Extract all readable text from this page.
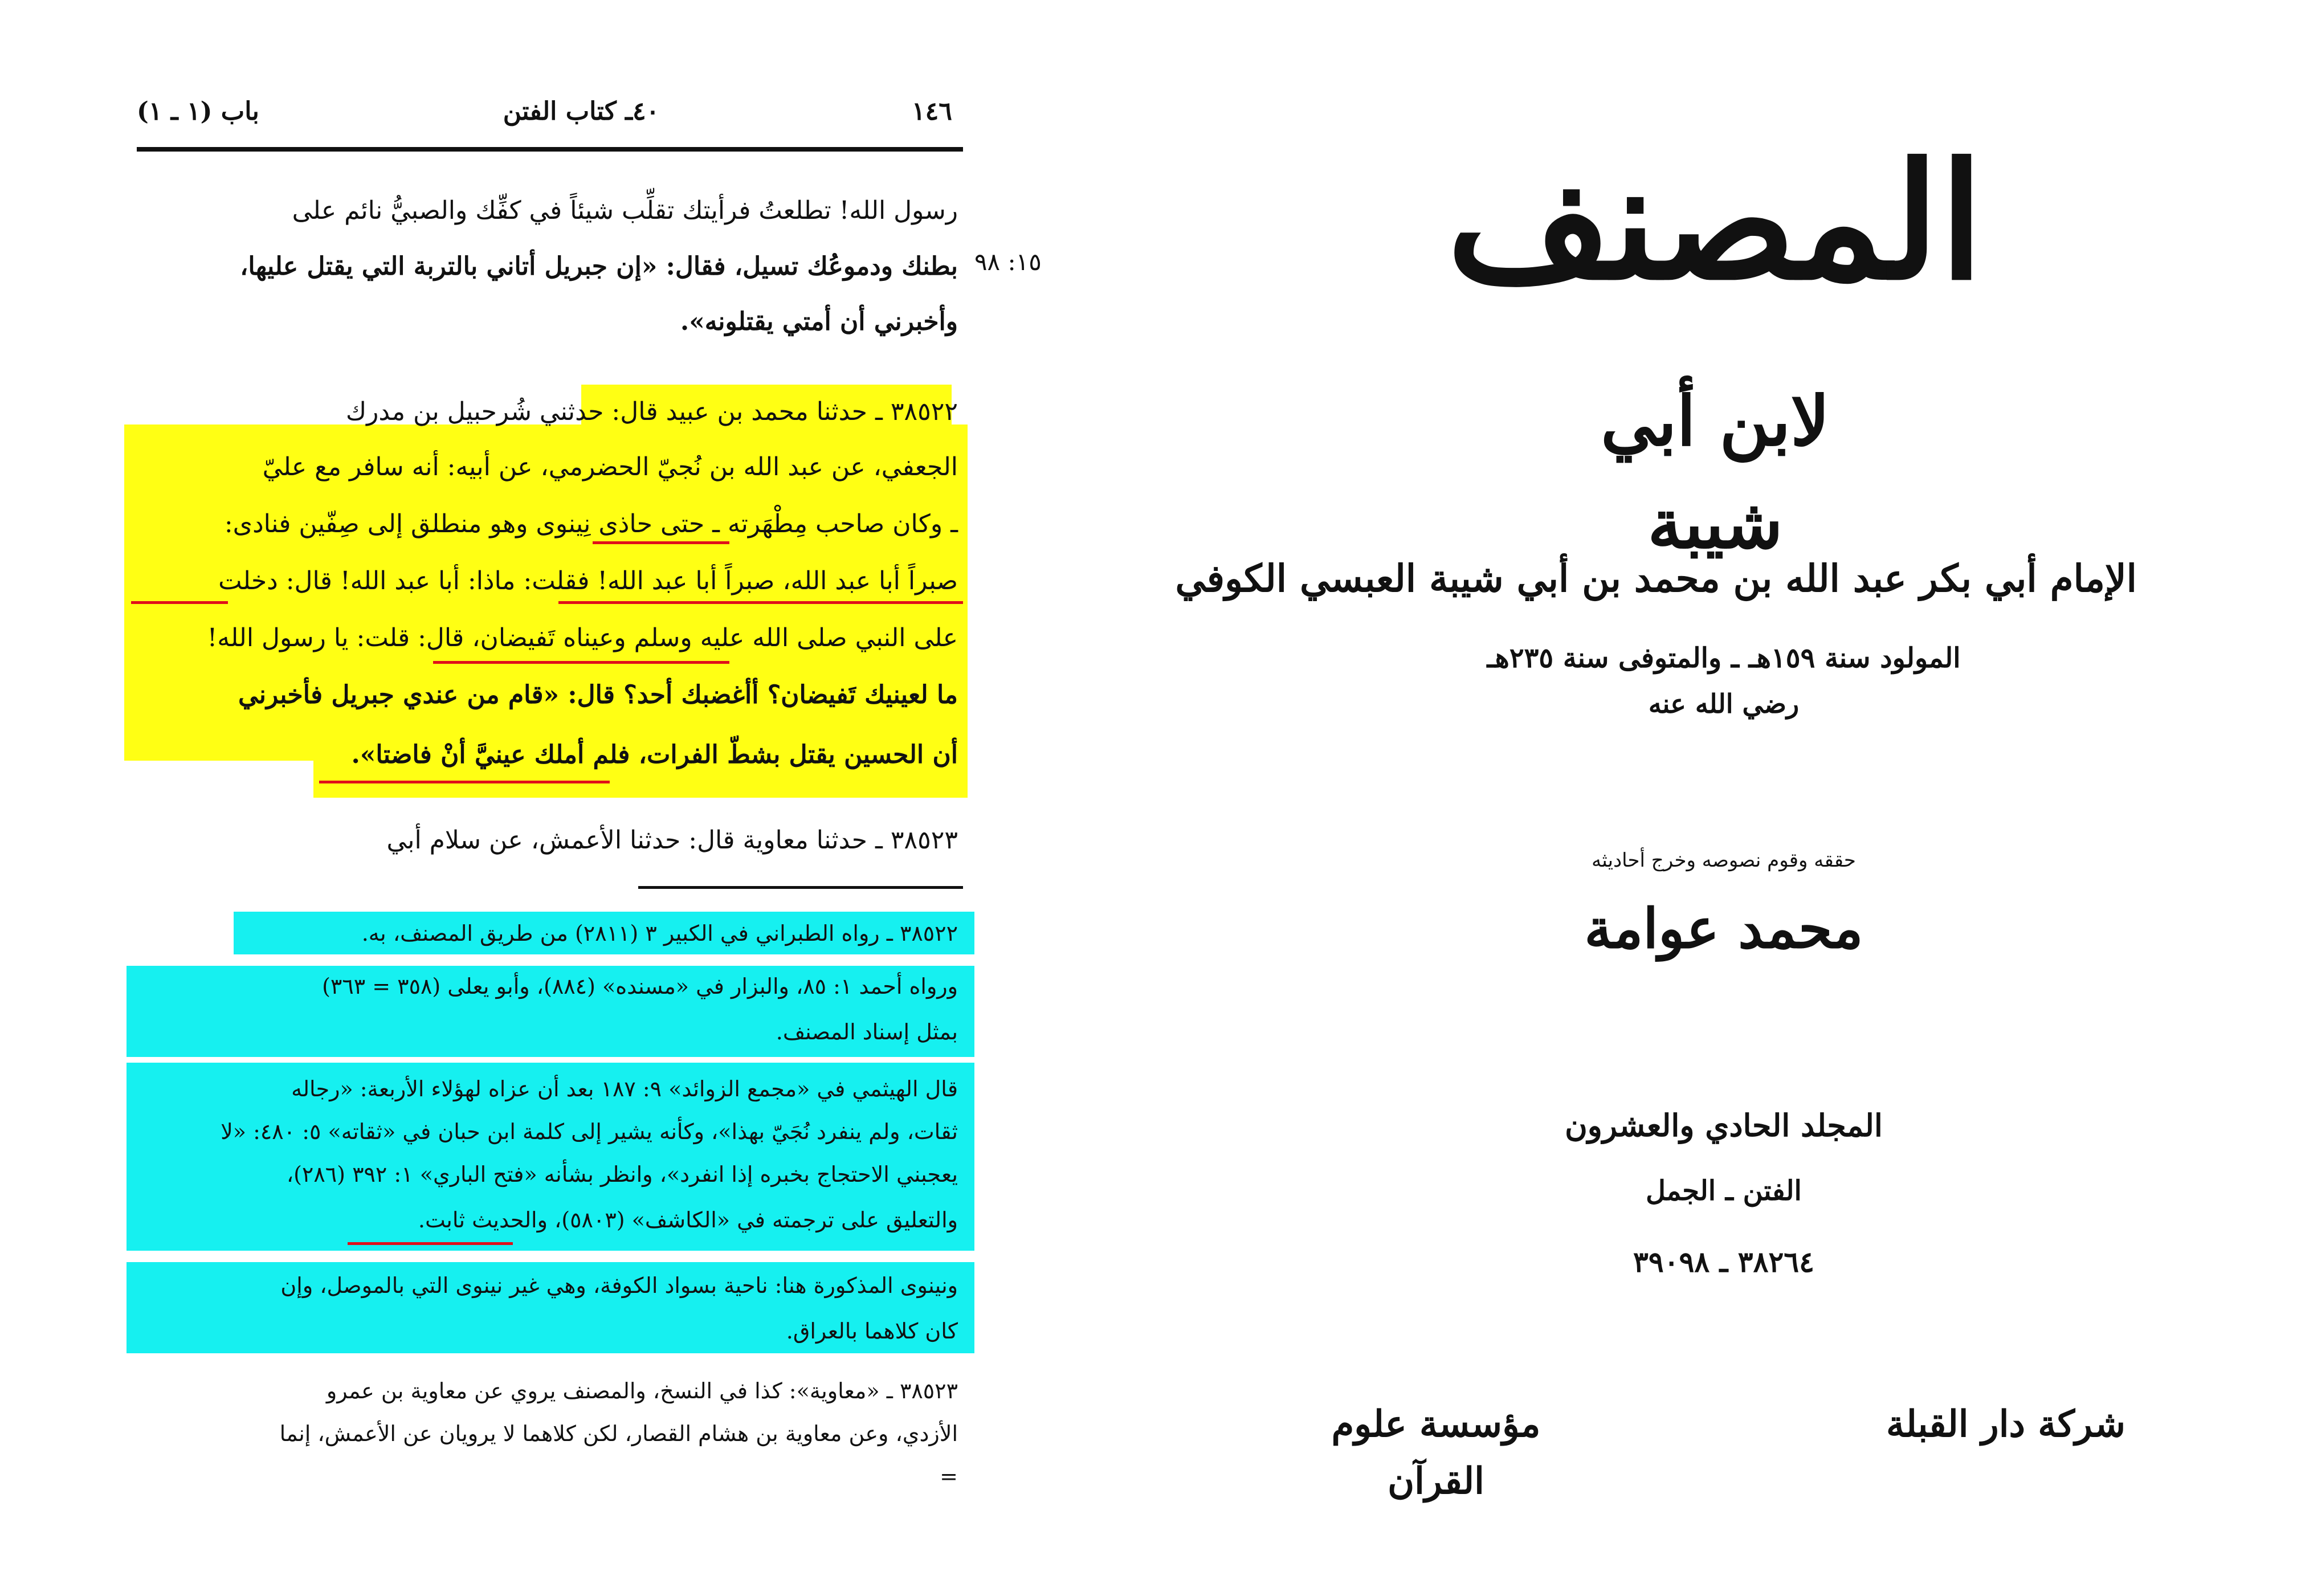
١٤٦
٤٠ـ كتاب الفتن
باب (١ ـ ١)
١٥: ٩٨
رسول الله! تطلعتُ فرأيتك تقلِّب شيئاً في كفِّك والصبيُّ نائم على
بطنك ودموعُك تسيل، فقال: «إن جبريل أتاني بالتربة التي يقتل عليها،
وأخبرني أن أمتي يقتلونه».
٣٨٥٢٢ ـ حدثنا محمد بن عبيد قال: حدثني شُرحبيل بن مدرك
الجعفي، عن عبد الله بن نُجيّ الحضرمي، عن أبيه: أنه سافر مع عليّ
ـ وكان صاحب مِطْهَرته ـ حتى حاذى نِينوى وهو منطلق إلى صِفّين فنادى:
صبراً أبا عبد الله، صبراً أبا عبد الله! فقلت: ماذا: أبا عبد الله! قال: دخلت
على النبي صلى الله عليه وسلم وعيناه تَفيضان، قال: قلت: يا رسول الله!
ما لعينيك تَفيضان؟ أأغضبك أحد؟ قال: «قام من عندي جبريل فأخبرني
أن الحسين يقتل بشطّ الفرات، فلم أملك عينيَّ أنْ فاضتا».
٣٨٥٢٣ ـ حدثنا معاوية قال: حدثنا الأعمش، عن سلام أبي
٣٨٥٢٢ ـ رواه الطبراني في الكبير ٣ (٢٨١١) من طريق المصنف، به.
ورواه أحمد ١: ٨٥، والبزار في «مسنده» (٨٨٤)، وأبو يعلى (٣٥٨ = ٣٦٣)
بمثل إسناد المصنف.
قال الهيثمي في «مجمع الزوائد» ٩: ١٨٧ بعد أن عزاه لهؤلاء الأربعة: «رجاله
ثقات، ولم ينفرد نُجَيّ بهذا»، وكأنه يشير إلى كلمة ابن حبان في «ثقاته» ٥: ٤٨٠: «لا
يعجبني الاحتجاج بخبره إذا انفرد»، وانظر بشأنه «فتح الباري» ١: ٣٩٢ (٢٨٦)،
والتعليق على ترجمته في «الكاشف» (٥٨٠٣)، والحديث ثابت.
ونينوى المذكورة هنا: ناحية بسواد الكوفة، وهي غير نينوى التي بالموصل، وإن
كان كلاهما بالعراق.
٣٨٥٢٣ ـ «معاوية»: كذا في النسخ، والمصنف يروي عن معاوية بن عمرو
الأزدي، وعن معاوية بن هشام القصار، لكن كلاهما لا يرويان عن الأعمش، إنما
=
المصنف
لابن أبي شيبة
الإمام أبي بكر عبد الله بن محمد بن أبي شيبة العبسي الكوفي
المولود سنة ١٥٩هـ ـ والمتوفى سنة ٢٣٥هـ
رضي الله عنه
حققه وقوم نصوصه وخرج أحاديثه
محمد عوامة
المجلد الحادي والعشرون
الفتن ـ الجمل
٣٨٢٦٤ ـ ٣٩٠٩٨
شركة دار القبلة
مؤسسة علوم القرآن
